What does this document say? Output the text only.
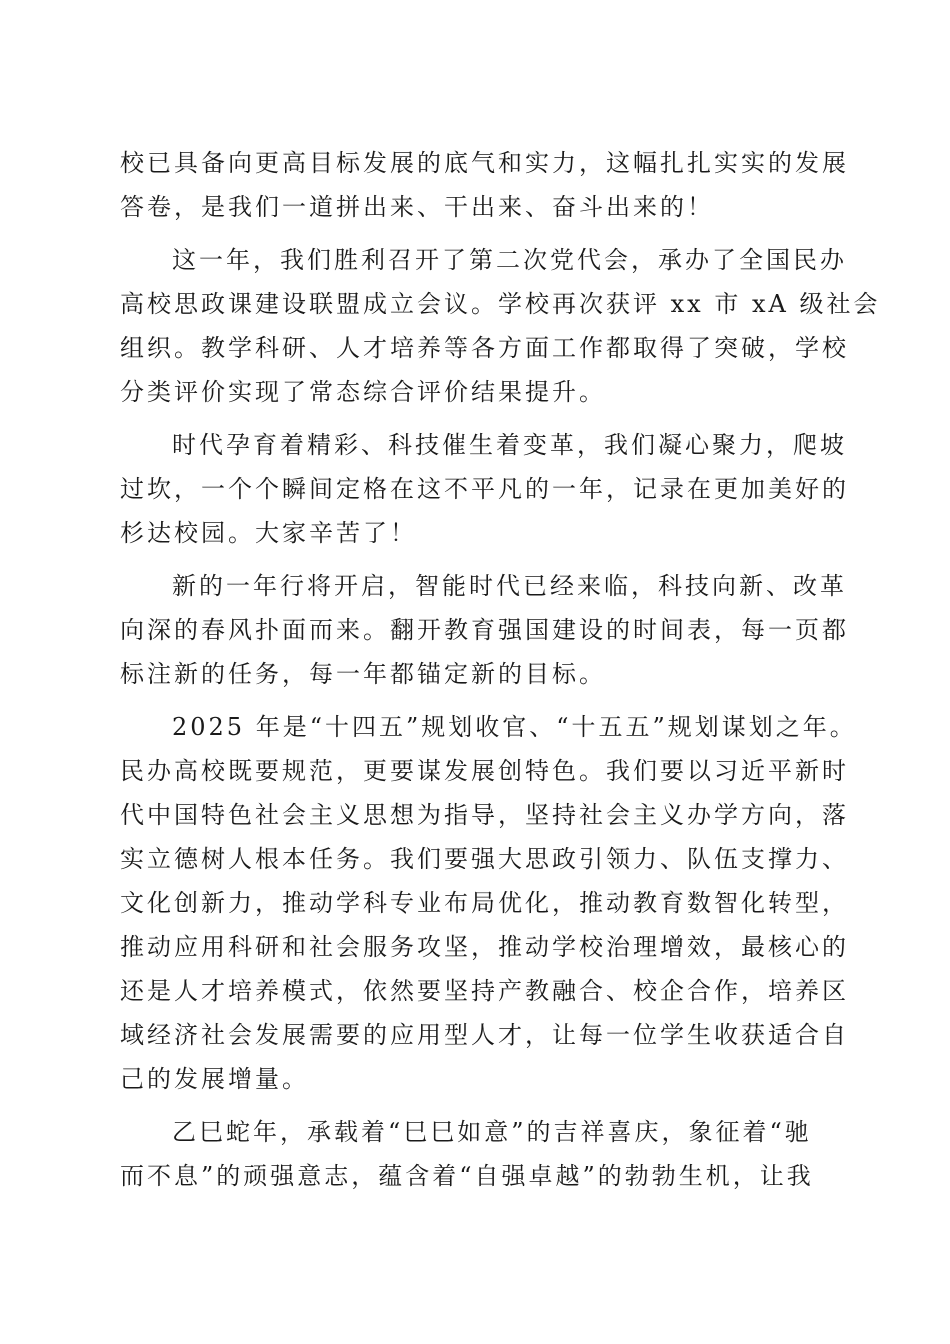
校已具备向更高目标发展的底气和实力，这幅扎扎实实的发展
答卷，是我们一道拼出来、干出来、奋斗出来的！
这一年，我们胜利召开了第二次党代会，承办了全国民办
高校思政课建设联盟成立会议。学校再次获评 xx 市 xA 级社会
组织。教学科研、人才培养等各方面工作都取得了突破，学校
分类评价实现了常态综合评价结果提升。
时代孕育着精彩、科技催生着变革，我们凝心聚力，爬坡
过坎，一个个瞬间定格在这不平凡的一年，记录在更加美好的
杉达校园。大家辛苦了！
新的一年行将开启，智能时代已经来临，科技向新、改革
向深的春风扑面而来。翻开教育强国建设的时间表，每一页都
标注新的任务，每一年都锚定新的目标。
2025 年是“十四五”规划收官、“十五五”规划谋划之年。
民办高校既要规范，更要谋发展创特色。我们要以习近平新时
代中国特色社会主义思想为指导，坚持社会主义办学方向，落
实立德树人根本任务。我们要强大思政引领力、队伍支撑力、
文化创新力，推动学科专业布局优化，推动教育数智化转型，
推动应用科研和社会服务攻坚，推动学校治理增效，最核心的
还是人才培养模式，依然要坚持产教融合、校企合作，培养区
域经济社会发展需要的应用型人才，让每一位学生收获适合自
己的发展增量。
乙巳蛇年，承载着“巳巳如意”的吉祥喜庆，象征着“驰
而不息”的顽强意志，蕴含着“自强卓越”的勃勃生机，让我
